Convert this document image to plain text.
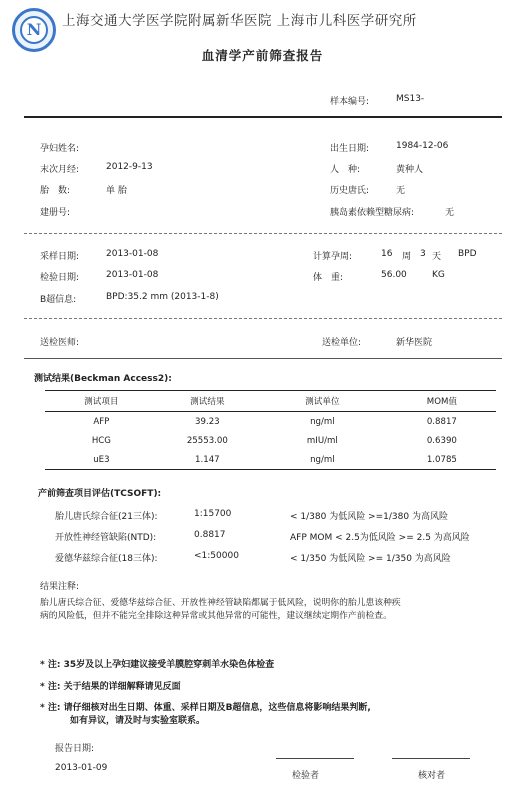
N	上海交通大学医学院附属新华医院 上海市儿科医学研究所
血清学产前筛查报告
样本编号:	MS13-
孕妇姓名:	出生日期:	1984-12-06
末次月经:	2012-9-13	人　种:	黄种人
胎　数:	单 胎	历史唐氏:	无
建册号:	胰岛素依赖型糖尿病:	无
采样日期:	2013-01-08	计算孕周:	16 周 3 天 BPD
检验日期:	2013-01-08	体　重:	56.00	KG
B超信息:	BPD:35.2 mm (2013-1-8)
送检医师:	送检单位:	新华医院
测试结果(Beckman Access2):
测试项目	测试结果	测试单位	MOM值
AFP	39.23	ng/ml	0.8817
HCG	25553.00	mIU/ml	0.6390
uE3	1.147	ng/ml	1.0785
产前筛查项目评估(TCSOFT):
胎儿唐氏综合征(21三体):	1:15700	< 1/380 为低风险 >=1/380 为高风险
开放性神经管缺陷(NTD):	0.8817	AFP MOM < 2.5为低风险 >= 2.5 为高风险
爱德华兹综合征(18三体):	<1:50000	< 1/350 为低风险 >= 1/350 为高风险
结果注释:
胎儿唐氏综合征、爱德华兹综合征、开放性神经管缺陷都属于低风险，说明你的胎儿患该种疾
病的风险低，但并不能完全排除这种异常或其他异常的可能性，建议继续定期作产前检查。
* 注: 35岁及以上孕妇建议接受羊膜腔穿刺羊水染色体检查
* 注: 关于结果的详细解释请见反面
* 注: 请仔细核对出生日期、体重、采样日期及B超信息，这些信息将影响结果判断,
如有异议，请及时与实验室联系。
报告日期:
2013-01-09
检验者	核对者
